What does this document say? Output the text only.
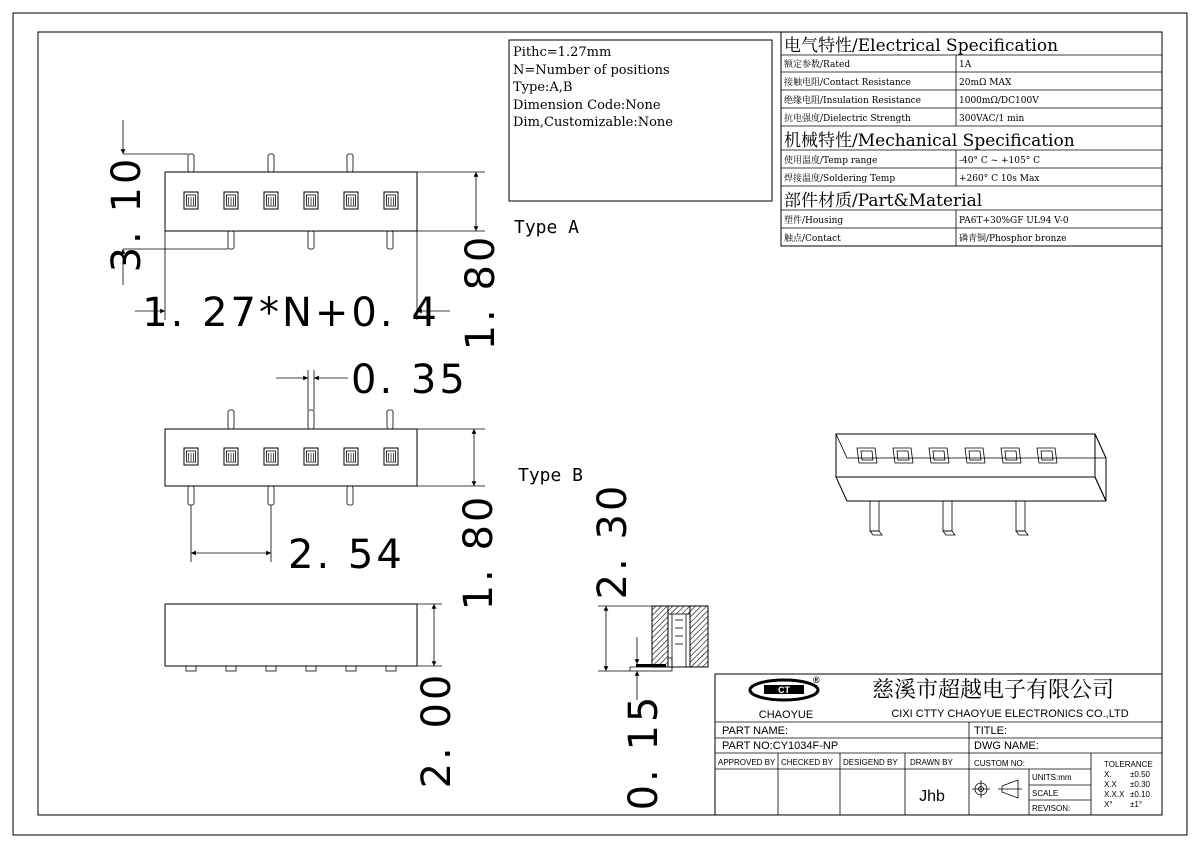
Pithc=1.27mm
N=Number of positions
Type:A,B
Dimension Code:None
Dim,Customizable:None
电气特性/Electrical Specification
额定参数/Rated	1A
接触电阻/Contact Resistance	20mΩ MAX
绝缘电阻/Insulation Resistance	1000mΩ/DC100V
抗电强度/Dielectric Strength	300VAC/1 min
机械特性/Mechanical Specification
使用温度/Temp range	-40° C ~ +105° C
焊接温度/Soldering Temp	+260° C 10s Max
部件材质/Part&Material
塑件/Housing	PA6T+30%GF UL94 V-0
触点/Contact	磷青铜/Phosphor bronze
3. 10
1. 27*N+0. 4 1. 80
Type A
0. 35
2. 54 1. 80
Type B
2. 00
2. 30
0. 15
CT
®
CHAOYUE
慈溪市超越电子有限公司
CIXI CTTY CHAOYUE ELECTRONICS CO.,LTD
PART NAME:	TITLE:
PART NO:CY1034F-NP	DWG NAME:
APPROVED BY CHECKED BY DESIGEND BY DRAWN BY
Jhb
CUSTOM NO:
UNITS:mm
SCALE
REVISON:
TOLERANCE
X. ±0.50
X.X ±0.30
X.X.X ±0.10
X° ±1°
